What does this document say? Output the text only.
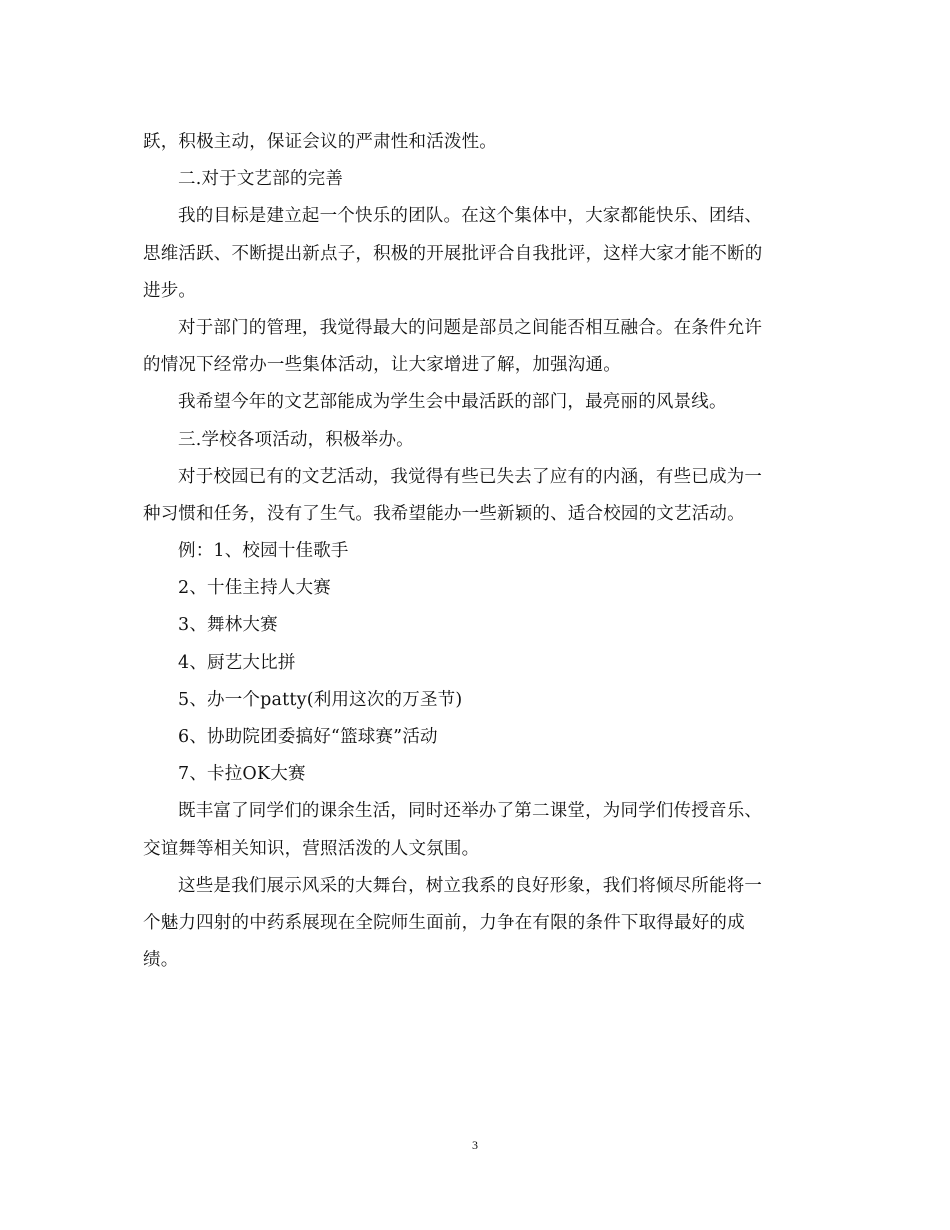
跃，积极主动，保证会议的严肃性和活泼性。
二.对于文艺部的完善
我的目标是建立起一个快乐的团队。在这个集体中，大家都能快乐、团结、
思维活跃、不断提出新点子，积极的开展批评合自我批评，这样大家才能不断的
进步。
对于部门的管理，我觉得最大的问题是部员之间能否相互融合。在条件允许
的情况下经常办一些集体活动，让大家增进了解，加强沟通。
我希望今年的文艺部能成为学生会中最活跃的部门，最亮丽的风景线。
三.学校各项活动，积极举办。
对于校园已有的文艺活动，我觉得有些已失去了应有的内涵，有些已成为一
种习惯和任务，没有了生气。我希望能办一些新颖的、适合校园的文艺活动。
例：1、校园十佳歌手
2、十佳主持人大赛
3、舞林大赛
4、厨艺大比拼
5、办一个patty(利用这次的万圣节)
6、协助院团委搞好“篮球赛”活动
7、卡拉OK大赛
既丰富了同学们的课余生活，同时还举办了第二课堂，为同学们传授音乐、
交谊舞等相关知识，营照活泼的人文氛围。
这些是我们展示风采的大舞台，树立我系的良好形象，我们将倾尽所能将一
个魅力四射的中药系展现在全院师生面前，力争在有限的条件下取得最好的成
绩。
3
